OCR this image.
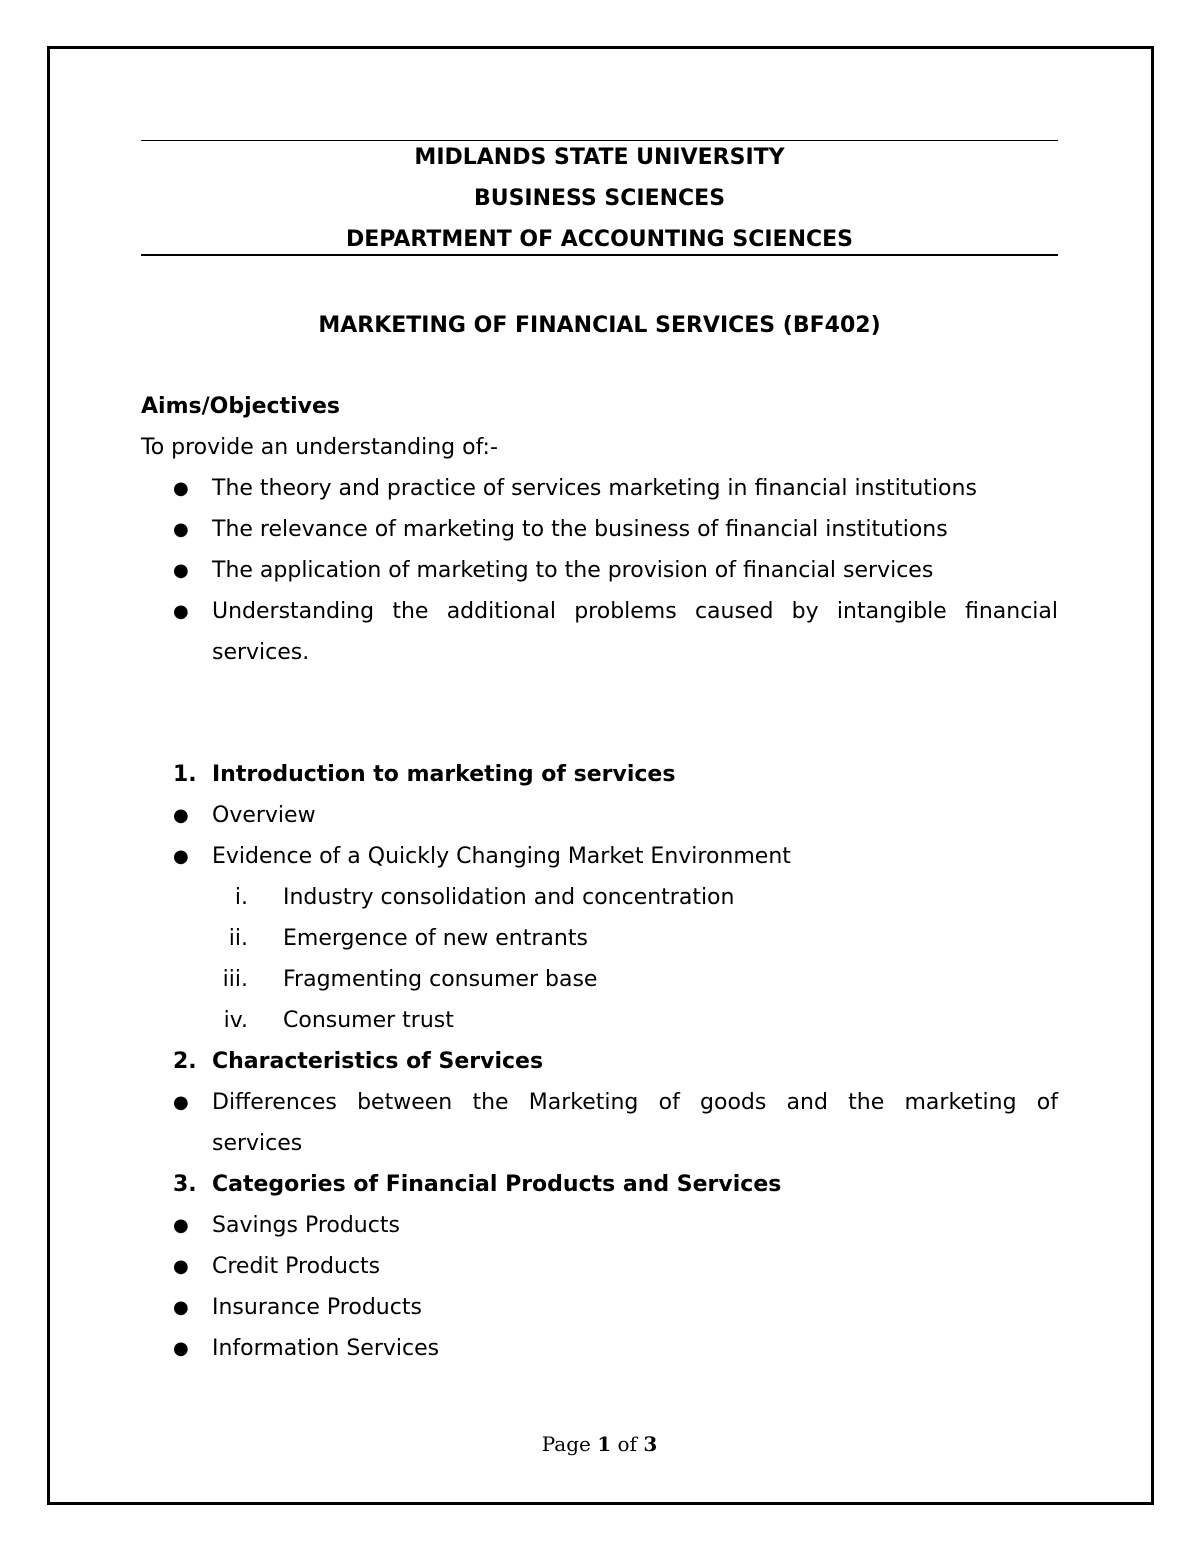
MIDLANDS STATE UNIVERSITY
BUSINESS SCIENCES
DEPARTMENT OF ACCOUNTING SCIENCES
MARKETING OF FINANCIAL SERVICES (BF402)
Aims/Objectives
To provide an understanding of:-
● The theory and practice of services marketing in financial institutions
● The relevance of marketing to the business of financial institutions
● The application of marketing to the provision of financial services
● Understanding the additional problems caused by intangible financial
services.
1. Introduction to marketing of services
● Overview
● Evidence of a Quickly Changing Market Environment
i. Industry consolidation and concentration
ii. Emergence of new entrants
iii. Fragmenting consumer base
iv. Consumer trust
2. Characteristics of Services
● Differences between the Marketing of goods and the marketing of
services
3. Categories of Financial Products and Services
● Savings Products
● Credit Products
● Insurance Products
● Information Services
Page 1 of 3
